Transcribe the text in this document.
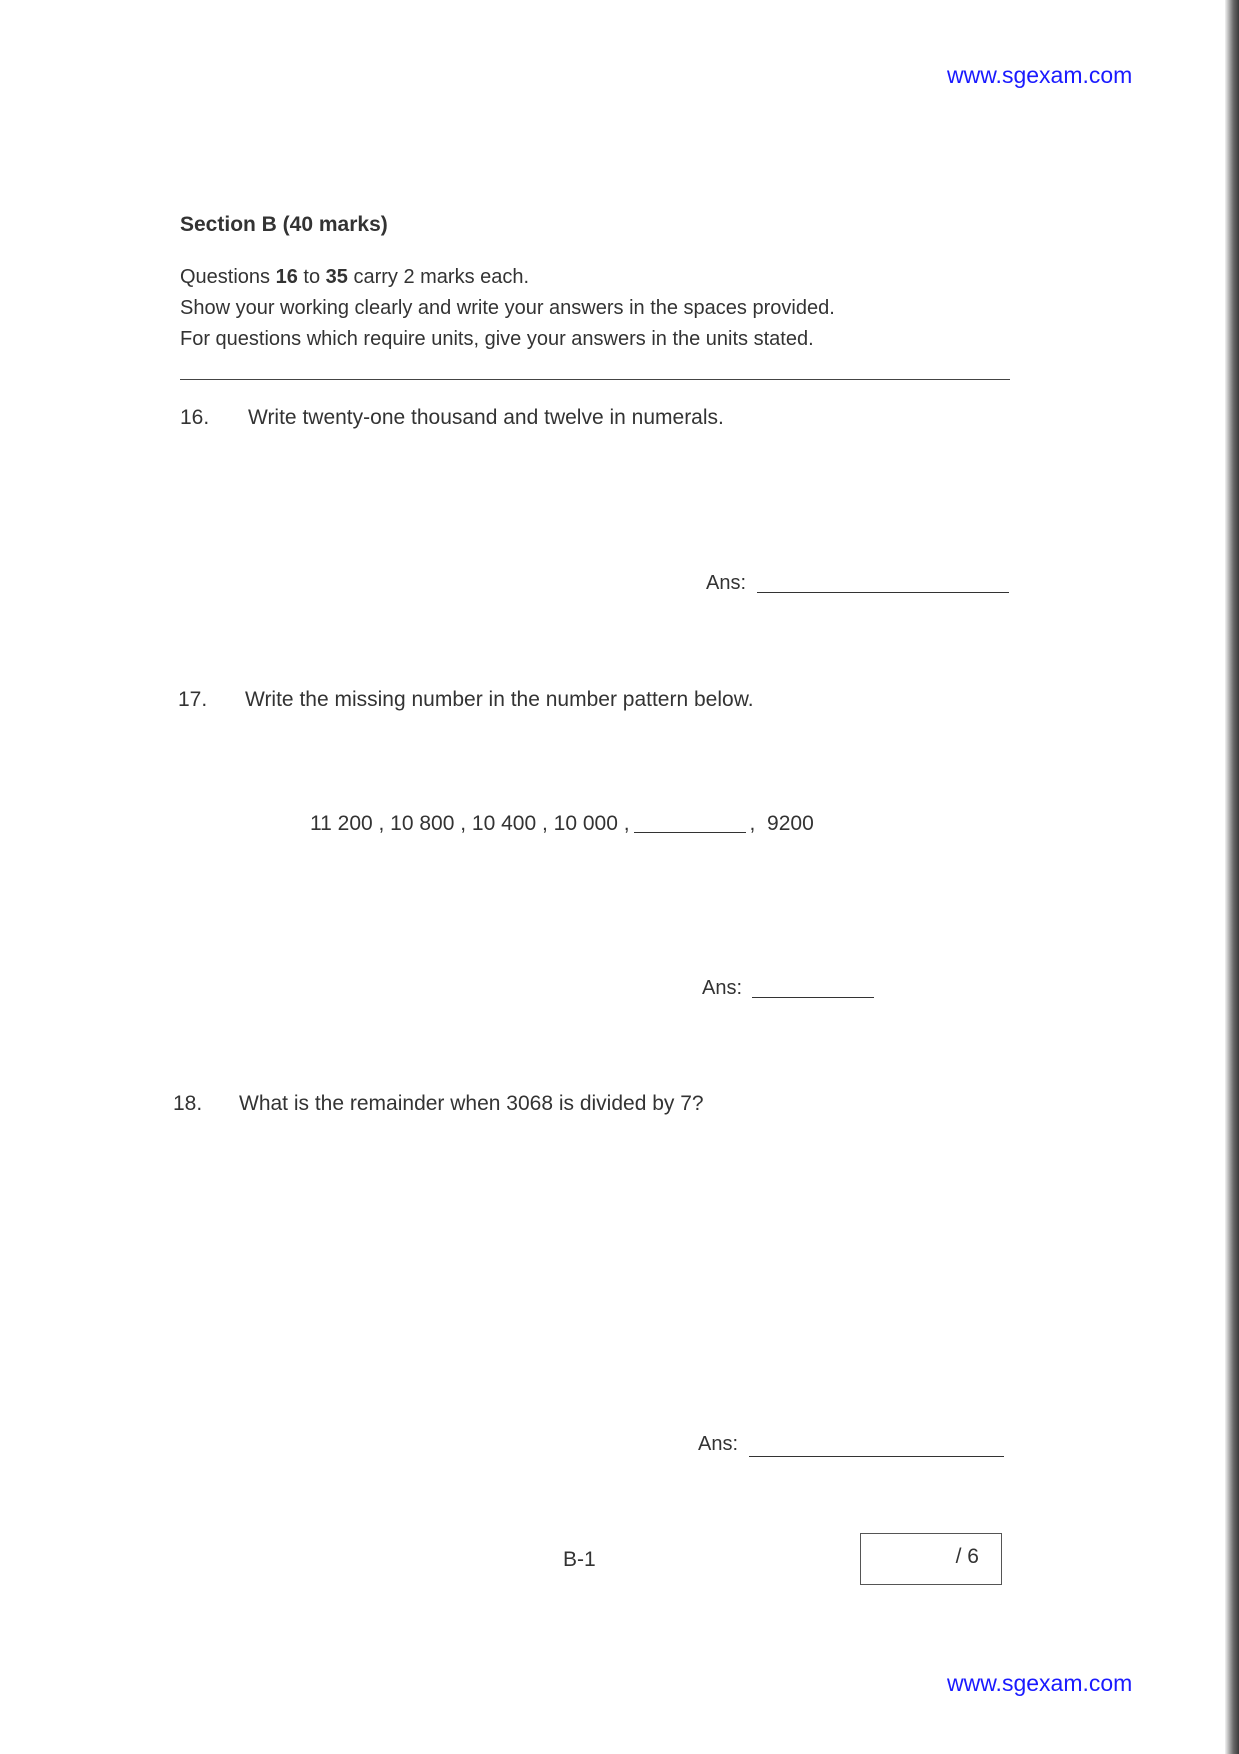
www.sgexam.com
Section B (40 marks)
Questions 16 to 35 carry 2 marks each.
Show your working clearly and write your answers in the spaces provided.
For questions which require units, give your answers in the units stated.
16. Write twenty-one thousand and twelve in numerals.
Ans:
17. Write the missing number in the number pattern below.
11 200 , 10 800 , 10 400 , 10 000 ,	,  9200
Ans:
18. What is the remainder when 3068 is divided by 7?
Ans:
B-1	/ 6
www.sgexam.com
